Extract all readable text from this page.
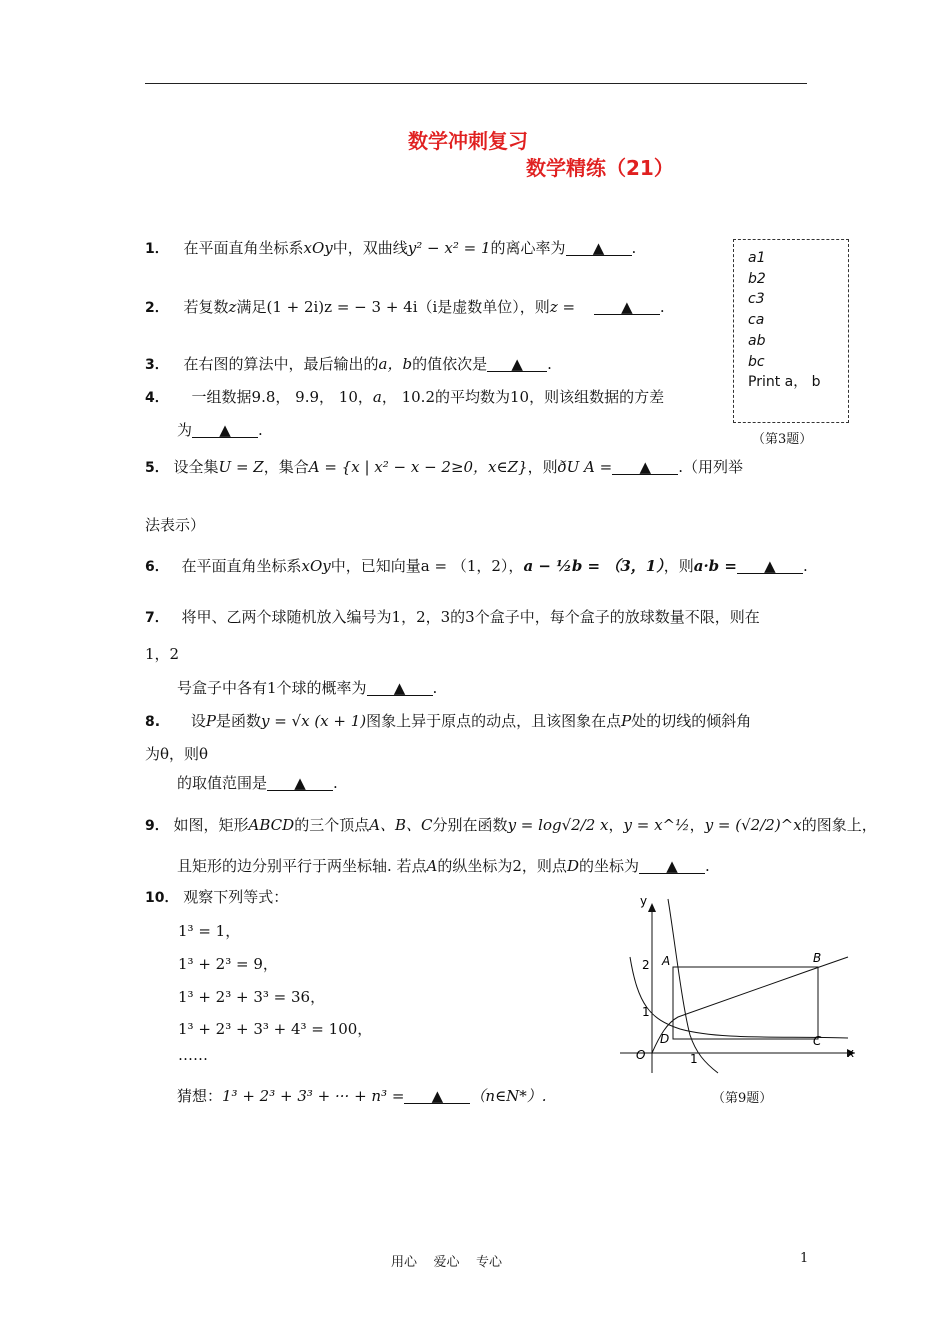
数学冲刺复习
数学精练（21）
a1
b2
c3
ca
ab
bc
Print a， b
（第3题）
1． 在平面直角坐标系xOy中，双曲线y² − x² = 1的离心率为 ▲ .
2． 若复数z满足(1 + 2i)z = − 3 + 4i（i是虚数单位），则z =	▲ .
3． 在右图的算法中，最后输出的a，b的值依次是 ▲ .
4． 一组数据9.8， 9.9， 10，a， 10.2的平均数为10，则该组数据的方差
为 ▲ .
5． 设全集U = Z，集合A = {x | x² − x − 2≥0，x∈Z}，则ðU A = ▲ .（用列举
法表示）
6． 在平面直角坐标系xOy中，已知向量a = （1，2），a − ½b = （3，1），则a·b = ▲ .
7． 将甲、乙两个球随机放入编号为1，2，3的3个盒子中，每个盒子的放球数量不限，则在
1，2
号盒子中各有1个球的概率为 ▲ .
8. 设P是函数y = √x (x + 1)图象上异于原点的动点，且该图象在点P处的切线的倾斜角
为θ，则θ
的取值范围是 ▲ .
9． 如图，矩形ABCD的三个顶点A、B、C分别在函数y = log√2/2 x，y = x^½，y = (√2/2)^x的图象上，
且矩形的边分别平行于两坐标轴. 若点A的纵坐标为2，则点D的坐标为 ▲ .
10． 观察下列等式：
1³ = 1，
1³ + 2³ = 9，
1³ + 2³ + 3³ = 36，
1³ + 2³ + 3³ + 4³ = 100，
……
猜想：1³ + 2³ + 3³ + ··· + n³ = ▲ （n∈N*）.
y
x
O
A	B
C
D
2
1
1
（第9题）
用心    爱心    专心	1
